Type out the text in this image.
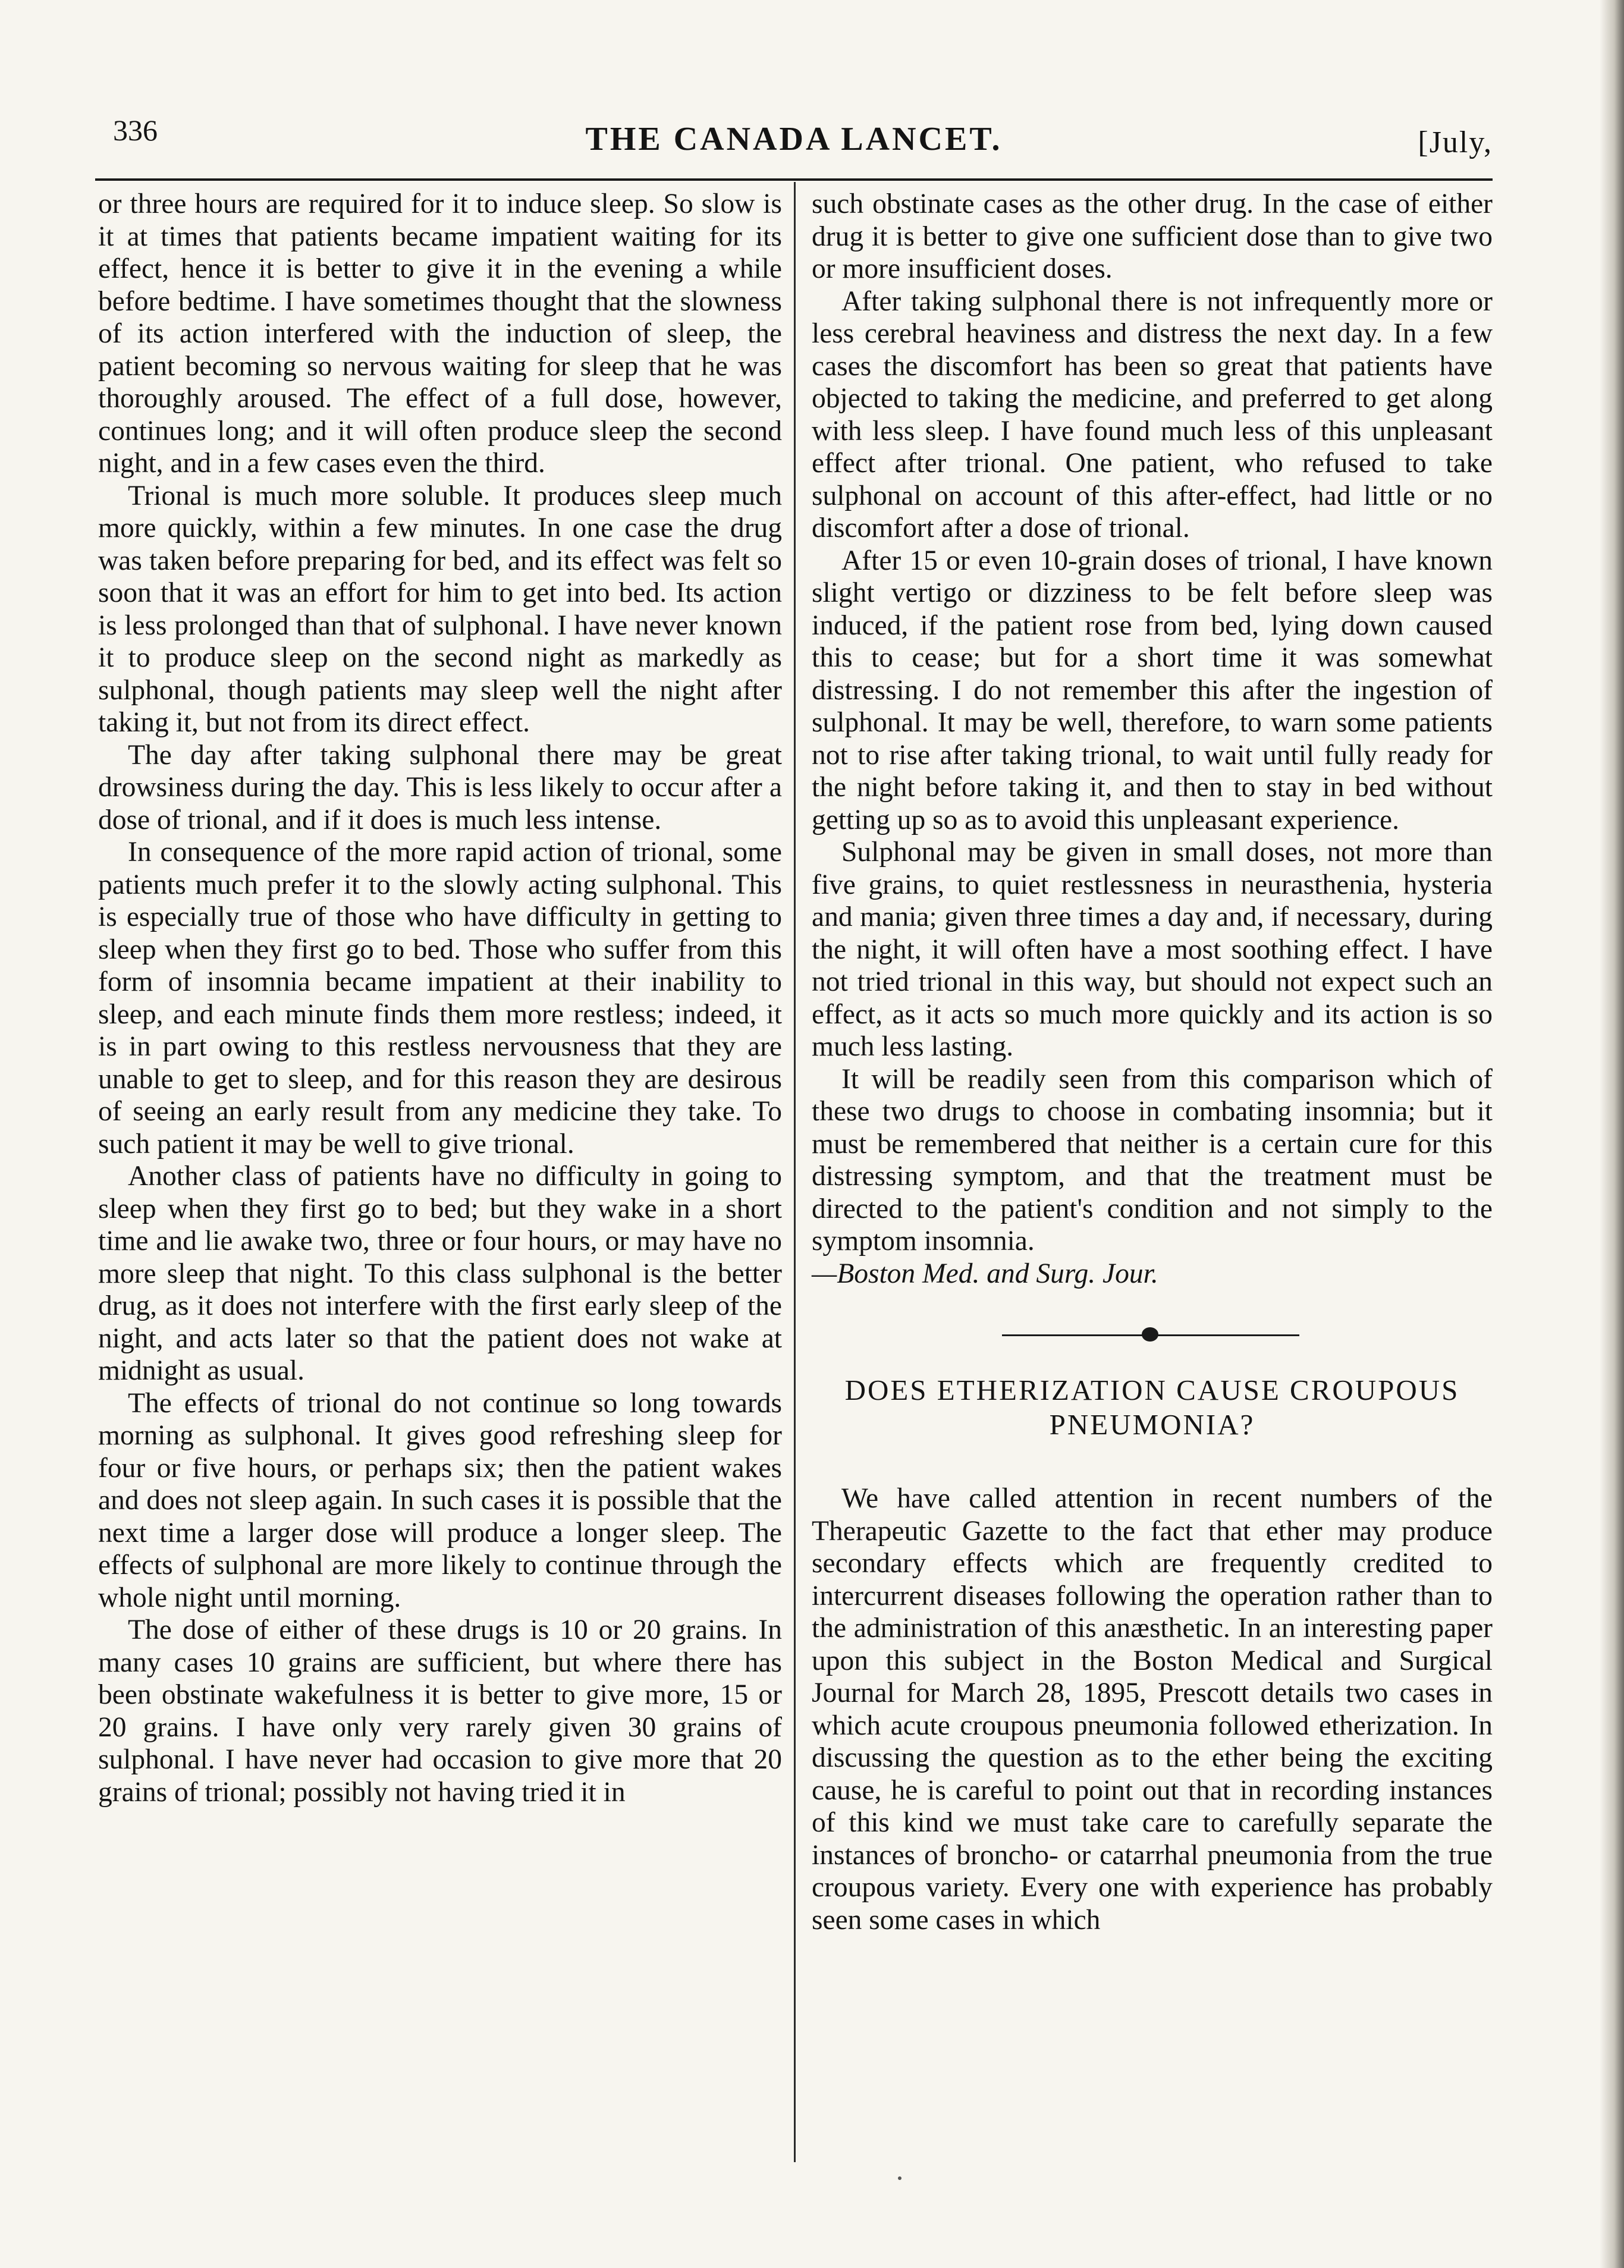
336	THE CANADA LANCET.	[July,

or three hours are required for it to induce sleep. So slow is it at times that patients became impatient waiting for its effect, hence it is better to give it in the evening a while before bedtime. I have sometimes thought that the slowness of its action interfered with the induction of sleep, the patient becoming so nervous waiting for sleep that he was thoroughly aroused. The effect of a full dose, however, continues long; and it will often produce sleep the second night, and in a few cases even the third.

Trional is much more soluble. It produces sleep much more quickly, within a few minutes. In one case the drug was taken before preparing for bed, and its effect was felt so soon that it was an effort for him to get into bed. Its action is less prolonged than that of sulphonal. I have never known it to produce sleep on the second night as markedly as sulphonal, though patients may sleep well the night after taking it, but not from its direct effect.

The day after taking sulphonal there may be great drowsiness during the day. This is less likely to occur after a dose of trional, and if it does is much less intense.

In consequence of the more rapid action of trional, some patients much prefer it to the slowly acting sulphonal. This is especially true of those who have difficulty in getting to sleep when they first go to bed. Those who suffer from this form of insomnia became impatient at their inability to sleep, and each minute finds them more restless; indeed, it is in part owing to this restless nervousness that they are unable to get to sleep, and for this reason they are desirous of seeing an early result from any medicine they take. To such patient it may be well to give trional.

Another class of patients have no difficulty in going to sleep when they first go to bed; but they wake in a short time and lie awake two, three or four hours, or may have no more sleep that night. To this class sulphonal is the better drug, as it does not interfere with the first early sleep of the night, and acts later so that the patient does not wake at midnight as usual.

The effects of trional do not continue so long towards morning as sulphonal. It gives good refreshing sleep for four or five hours, or perhaps six; then the patient wakes and does not sleep again. In such cases it is possible that the next time a larger dose will produce a longer sleep. The effects of sulphonal are more likely to continue through the whole night until morning.

The dose of either of these drugs is 10 or 20 grains. In many cases 10 grains are sufficient, but where there has been obstinate wakefulness it is better to give more, 15 or 20 grains. I have only very rarely given 30 grains of sulphonal. I have never had occasion to give more that 20 grains of trional; possibly not having tried it in

such obstinate cases as the other drug. In the case of either drug it is better to give one sufficient dose than to give two or more insufficient doses.

After taking sulphonal there is not infrequently more or less cerebral heaviness and distress the next day. In a few cases the discomfort has been so great that patients have objected to taking the medicine, and preferred to get along with less sleep. I have found much less of this unpleasant effect after trional. One patient, who refused to take sulphonal on account of this after-effect, had little or no discomfort after a dose of trional.

After 15 or even 10-grain doses of trional, I have known slight vertigo or dizziness to be felt before sleep was induced, if the patient rose from bed, lying down caused this to cease; but for a short time it was somewhat distressing. I do not remember this after the ingestion of sulphonal. It may be well, therefore, to warn some patients not to rise after taking trional, to wait until fully ready for the night before taking it, and then to stay in bed without getting up so as to avoid this unpleasant experience.

Sulphonal may be given in small doses, not more than five grains, to quiet restlessness in neurasthenia, hysteria and mania; given three times a day and, if necessary, during the night, it will often have a most soothing effect. I have not tried trional in this way, but should not expect such an effect, as it acts so much more quickly and its action is so much less lasting.

It will be readily seen from this comparison which of these two drugs to choose in combating insomnia; but it must be remembered that neither is a certain cure for this distressing symptom, and that the treatment must be directed to the patient's condition and not simply to the symptom insomnia.

—Boston Med. and Surg. Jour.

DOES ETHERIZATION CAUSE CROUPOUS PNEUMONIA?

We have called attention in recent numbers of the Therapeutic Gazette to the fact that ether may produce secondary effects which are frequently credited to intercurrent diseases following the operation rather than to the administration of this anæsthetic. In an interesting paper upon this subject in the Boston Medical and Surgical Journal for March 28, 1895, Prescott details two cases in which acute croupous pneumonia followed etherization. In discussing the question as to the ether being the exciting cause, he is careful to point out that in recording instances of this kind we must take care to carefully separate the instances of broncho- or catarrhal pneumonia from the true croupous variety. Every one with experience has probably seen some cases in which
